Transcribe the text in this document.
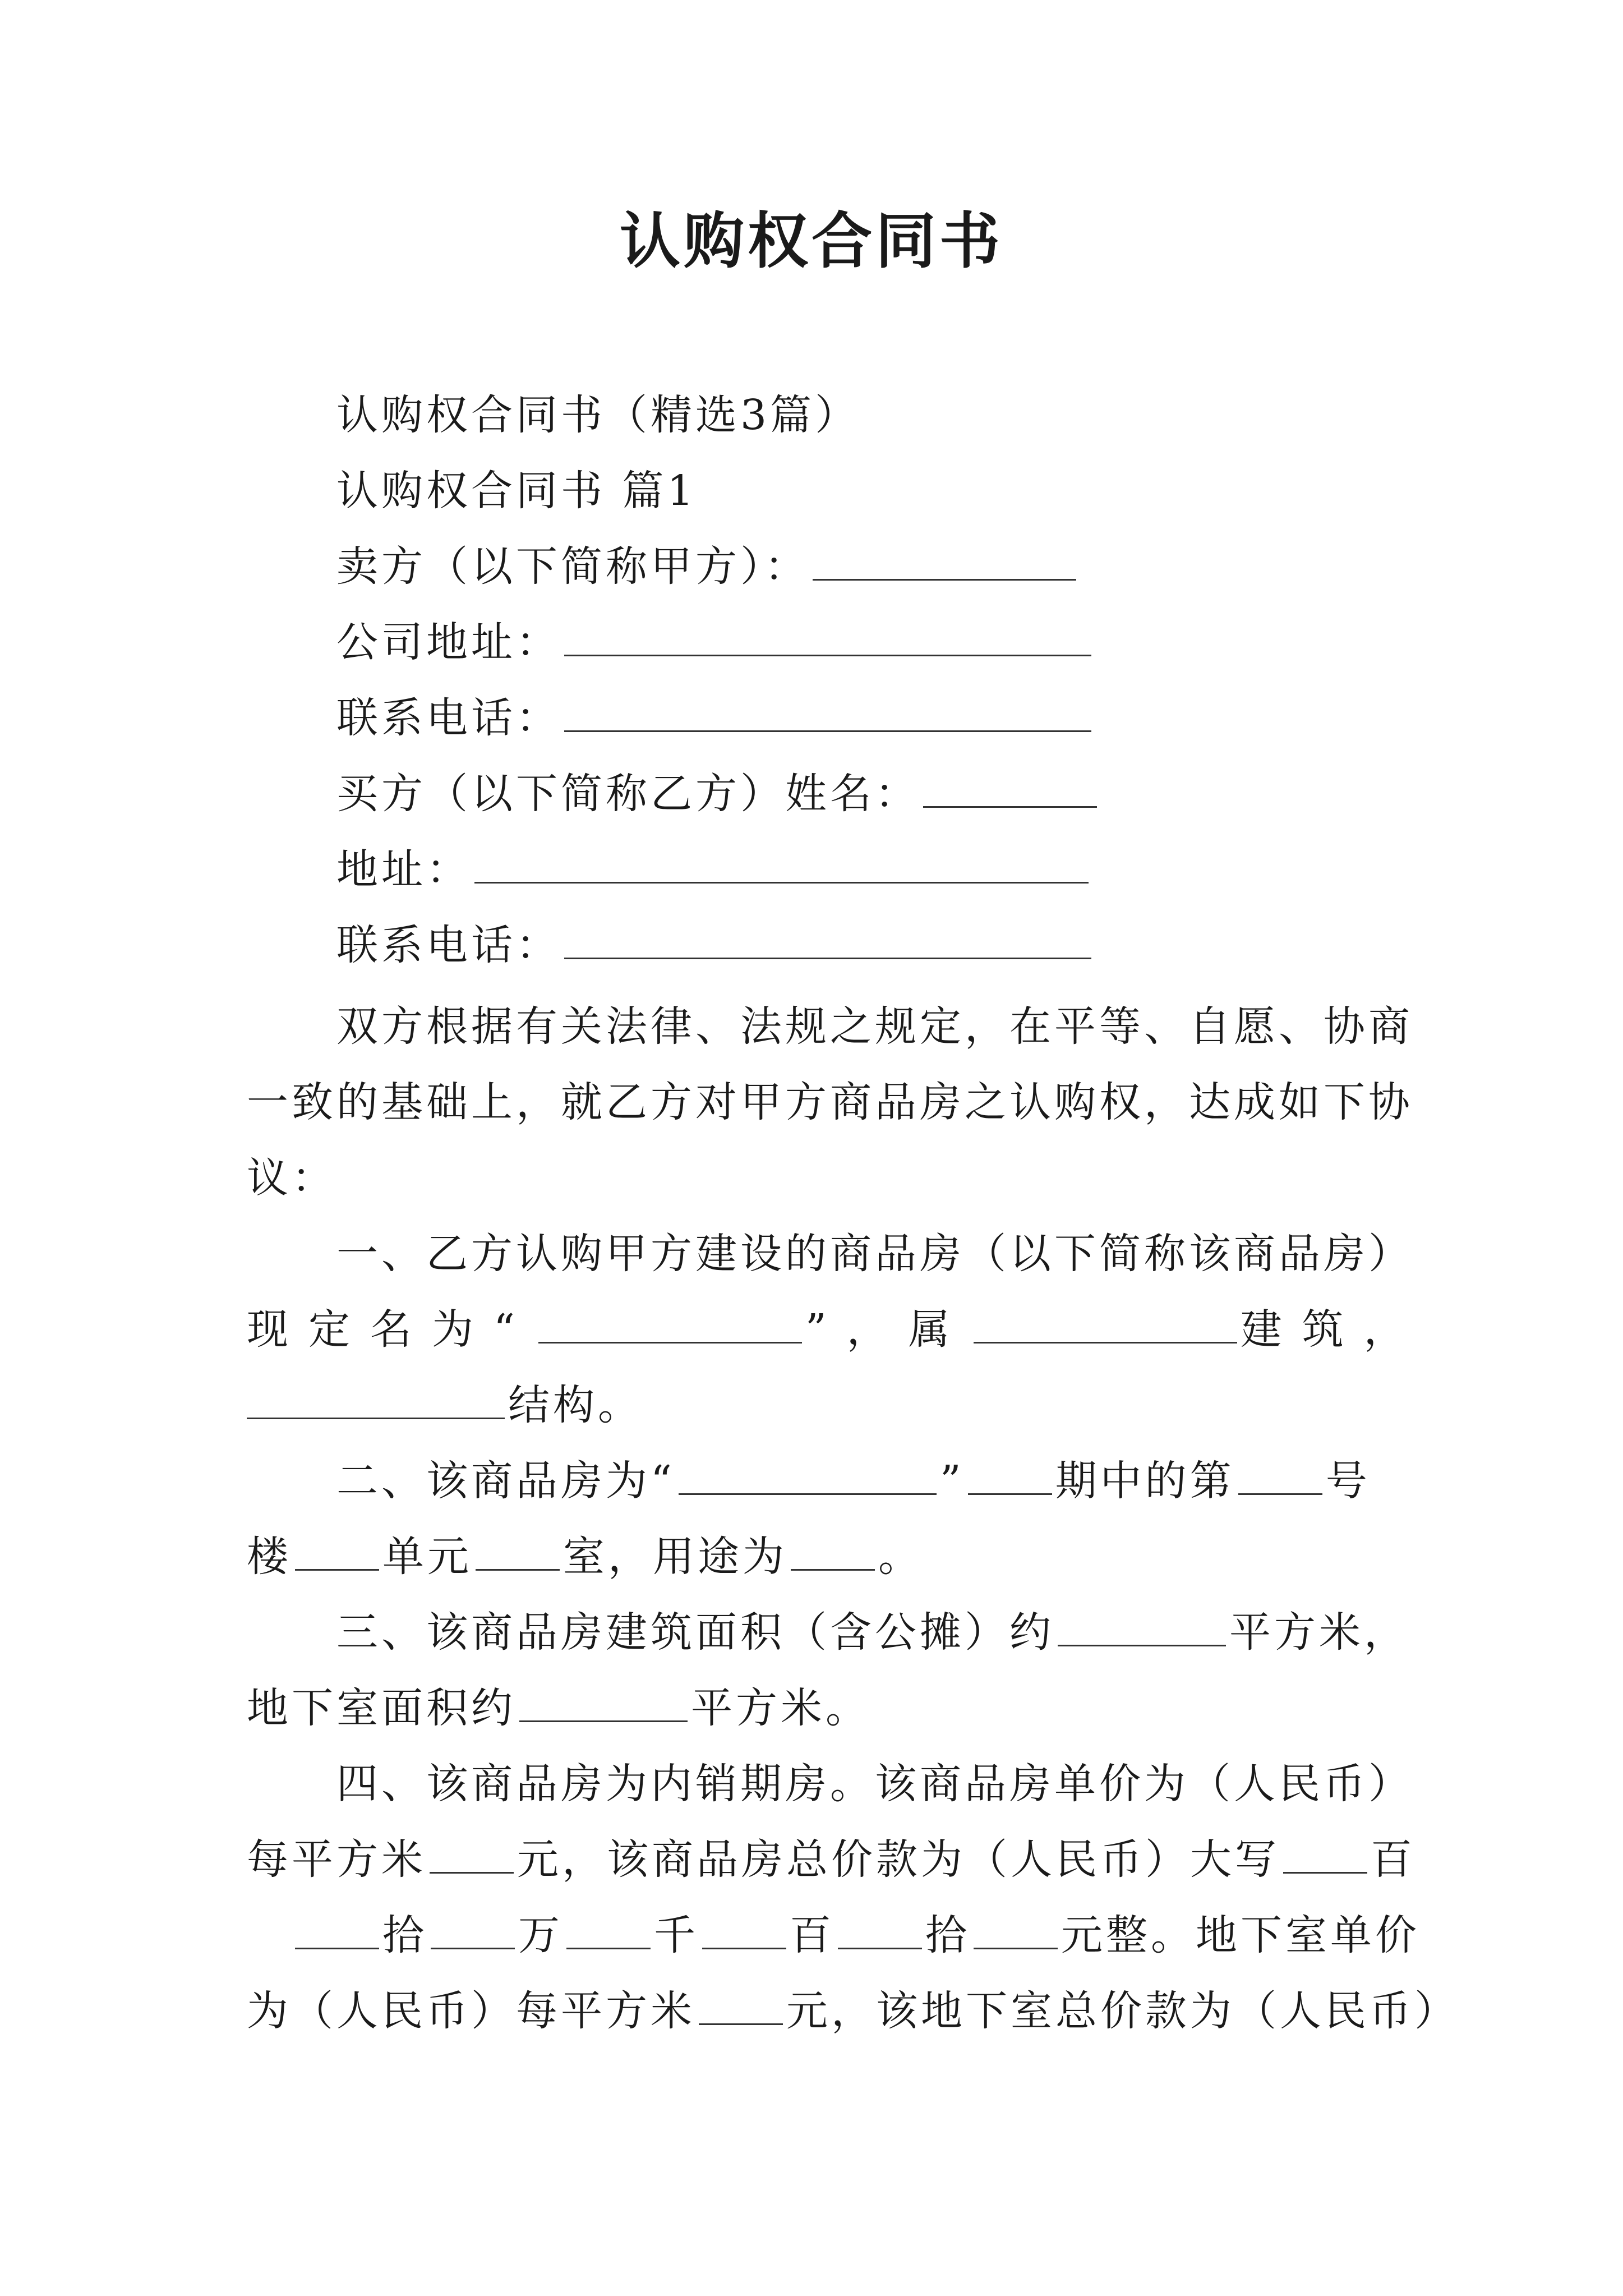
认购权合同书
认购权合同书（精选3篇）
认购权合同书 篇1
卖方（以下简称甲方）：
公司地址：
联系电话：
买方（以下简称乙方）姓名：
地址：
联系电话：
双方根据有关法律、法规之规定，在平等、自愿、协商
一致的基础上，就乙方对甲方商品房之认购权，达成如下协
议：
一、乙方认购甲方建设的商品房（以下简称该商品房）
现定名为“	”，属	建筑，
结构。
二、该商品房为“	” 期中的第 号
楼 单元 室，用途为 。
三、该商品房建筑面积（含公摊）约	平方米，
地下室面积约	平方米。
四、该商品房为内销期房。该商品房单价为（人民币）
每平方米 元，该商品房总价款为（人民币）大写 百
拾 万 千 百 拾 元整。地下室单价
为（人民币）每平方米 元，该地下室总价款为（人民币）
